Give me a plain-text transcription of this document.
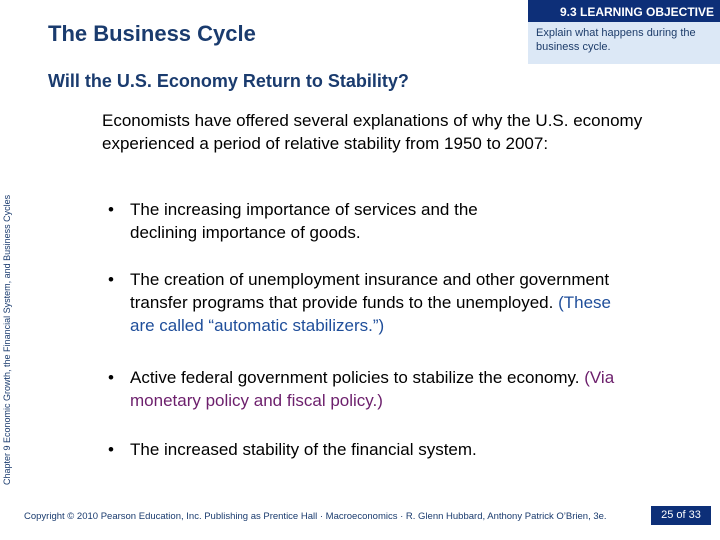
The Business Cycle
9.3 LEARNING OBJECTIVE
Explain what happens during the business cycle.
Chapter 9 Economic Growth, the Financial System, and Business Cycles
Will the U.S. Economy Return to Stability?
Economists have offered several explanations of why the U.S. economy experienced a period of relative stability from 1950 to 2007:
• The increasing importance of services and the declining importance of goods.
• The creation of unemployment insurance and other government transfer programs that provide funds to the unemployed. (These are called “automatic stabilizers.”)
• Active federal government policies to stabilize the economy. (Via monetary policy and fiscal policy.)
• The increased stability of the financial system.
Copyright © 2010 Pearson Education, Inc. Publishing as Prentice Hall · Macroeconomics · R. Glenn Hubbard, Anthony Patrick O’Brien, 3e.	25 of 33
